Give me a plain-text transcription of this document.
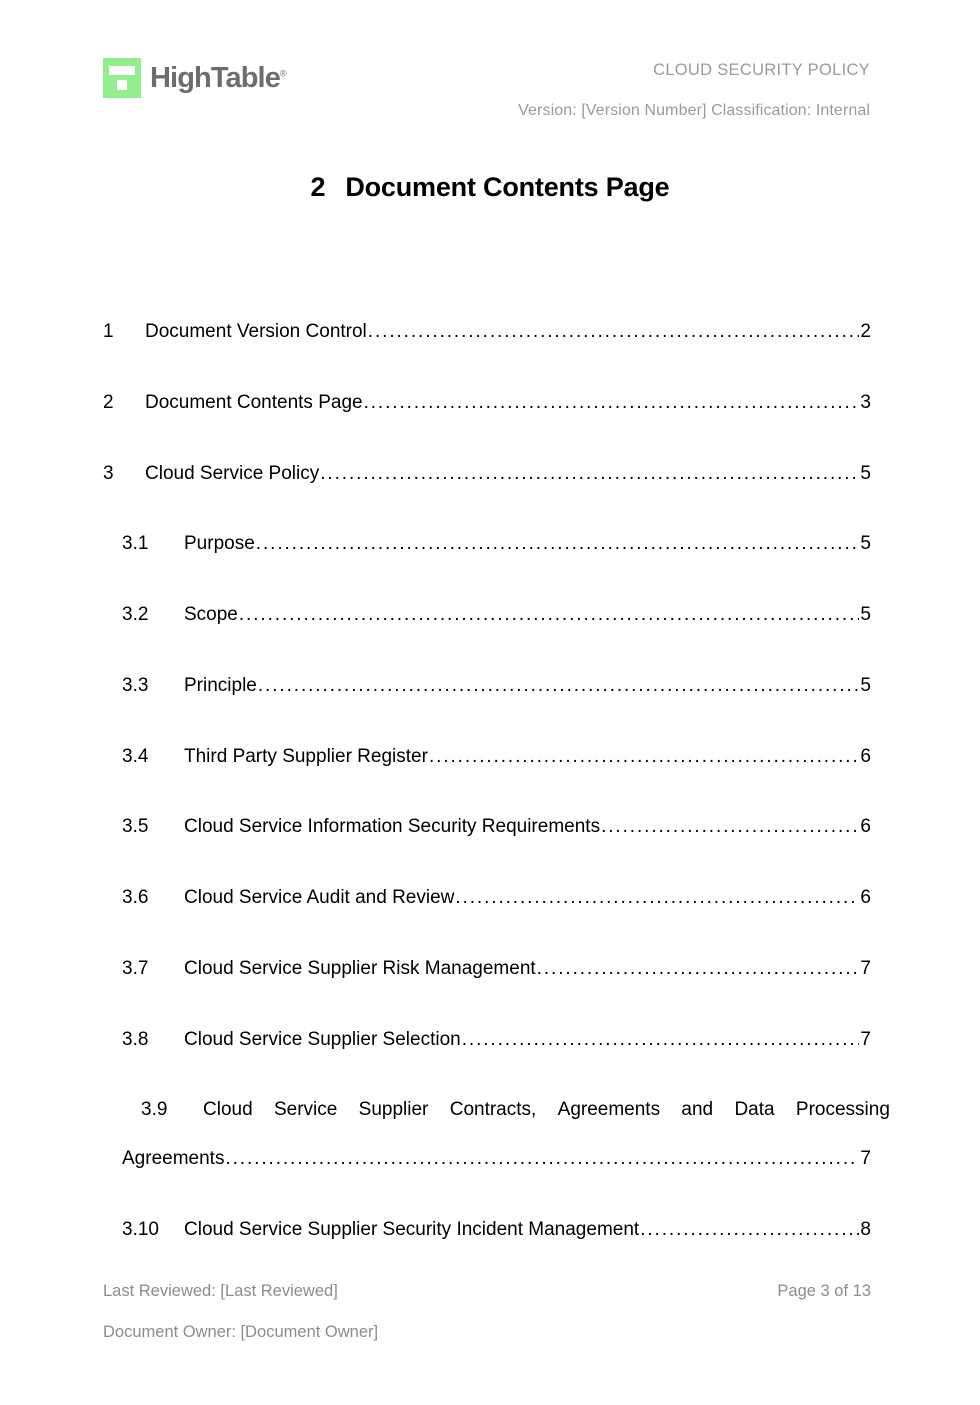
HighTable®	CLOUD SECURITY POLICY
Version: [Version Number] Classification: Internal
2 Document Contents Page
1	Document Version Control .....	2
2	Document Contents Page .....	3
3	Cloud Service Policy .....	5
3.1	Purpose .....	5
3.2	Scope .....	5
3.3	Principle .....	5
3.4	Third Party Supplier Register .....	6
3.5	Cloud Service Information Security Requirements .....	6
3.6	Cloud Service Audit and Review .....	6
3.7	Cloud Service Supplier Risk Management .....	7
3.8	Cloud Service Supplier Selection .....	7
3.9	Cloud Service Supplier Contracts, Agreements and Data Processing
Agreements .....	7
3.10	Cloud Service Supplier Security Incident Management .....	8
Last Reviewed: [Last Reviewed]	Page 3 of 13
Document Owner: [Document Owner]
